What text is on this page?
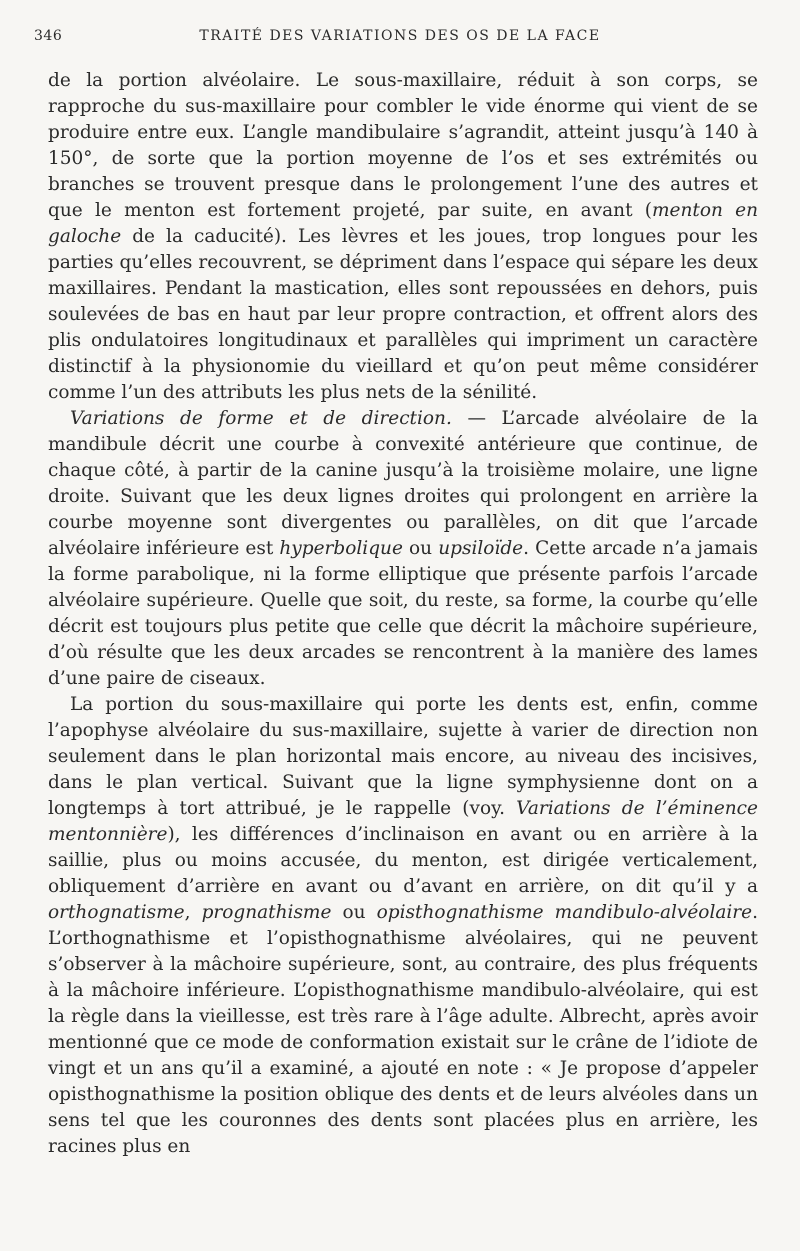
346	TRAITÉ DES VARIATIONS DES OS DE LA FACE

de la portion alvéolaire. Le sous-maxillaire, réduit à son corps, se rapproche du sus-maxillaire pour combler le vide énorme qui vient de se produire entre eux. L’angle mandibulaire s’agrandit, atteint jusqu’à 140 à 150°, de sorte que la portion moyenne de l’os et ses extrémités ou branches se trouvent presque dans le prolongement l’une des autres et que le menton est fortement projeté, par suite, en avant (menton en galoche de la caducité). Les lèvres et les joues, trop longues pour les parties qu’elles recouvrent, se dépriment dans l’espace qui sépare les deux maxillaires. Pendant la mastication, elles sont repoussées en dehors, puis soulevées de bas en haut par leur propre contraction, et offrent alors des plis ondulatoires longitudinaux et parallèles qui impriment un caractère distinctif à la physionomie du vieillard et qu’on peut même considérer comme l’un des attributs les plus nets de la sénilité.

Variations de forme et de direction. — L’arcade alvéolaire de la mandibule décrit une courbe à convexité antérieure que continue, de chaque côté, à partir de la canine jusqu’à la troisième molaire, une ligne droite. Suivant que les deux lignes droites qui prolongent en arrière la courbe moyenne sont divergentes ou parallèles, on dit que l’arcade alvéolaire inférieure est hyperbolique ou upsiloïde. Cette arcade n’a jamais la forme parabolique, ni la forme elliptique que présente parfois l’arcade alvéolaire supérieure. Quelle que soit, du reste, sa forme, la courbe qu’elle décrit est toujours plus petite que celle que décrit la mâchoire supérieure, d’où résulte que les deux arcades se rencontrent à la manière des lames d’une paire de ciseaux.

La portion du sous-maxillaire qui porte les dents est, enfin, comme l’apophyse alvéolaire du sus-maxillaire, sujette à varier de direction non seulement dans le plan horizontal mais encore, au niveau des incisives, dans le plan vertical. Suivant que la ligne symphysienne dont on a longtemps à tort attribué, je le rappelle (voy. Variations de l’éminence mentonnière), les différences d’inclinaison en avant ou en arrière à la saillie, plus ou moins accusée, du menton, est dirigée verticalement, obliquement d’arrière en avant ou d’avant en arrière, on dit qu’il y a orthognatisme, prognathisme ou opisthognathisme mandibulo-alvéolaire. L’orthognathisme et l’opisthognathisme alvéolaires, qui ne peuvent s’observer à la mâchoire supérieure, sont, au contraire, des plus fréquents à la mâchoire inférieure. L’opisthognathisme mandibulo-alvéolaire, qui est la règle dans la vieillesse, est très rare à l’âge adulte. Albrecht, après avoir mentionné que ce mode de conformation existait sur le crâne de l’idiote de vingt et un ans qu’il a examiné, a ajouté en note : « Je propose d’appeler opisthognathisme la position oblique des dents et de leurs alvéoles dans un sens tel que les couronnes des dents sont placées plus en arrière, les racines plus en
